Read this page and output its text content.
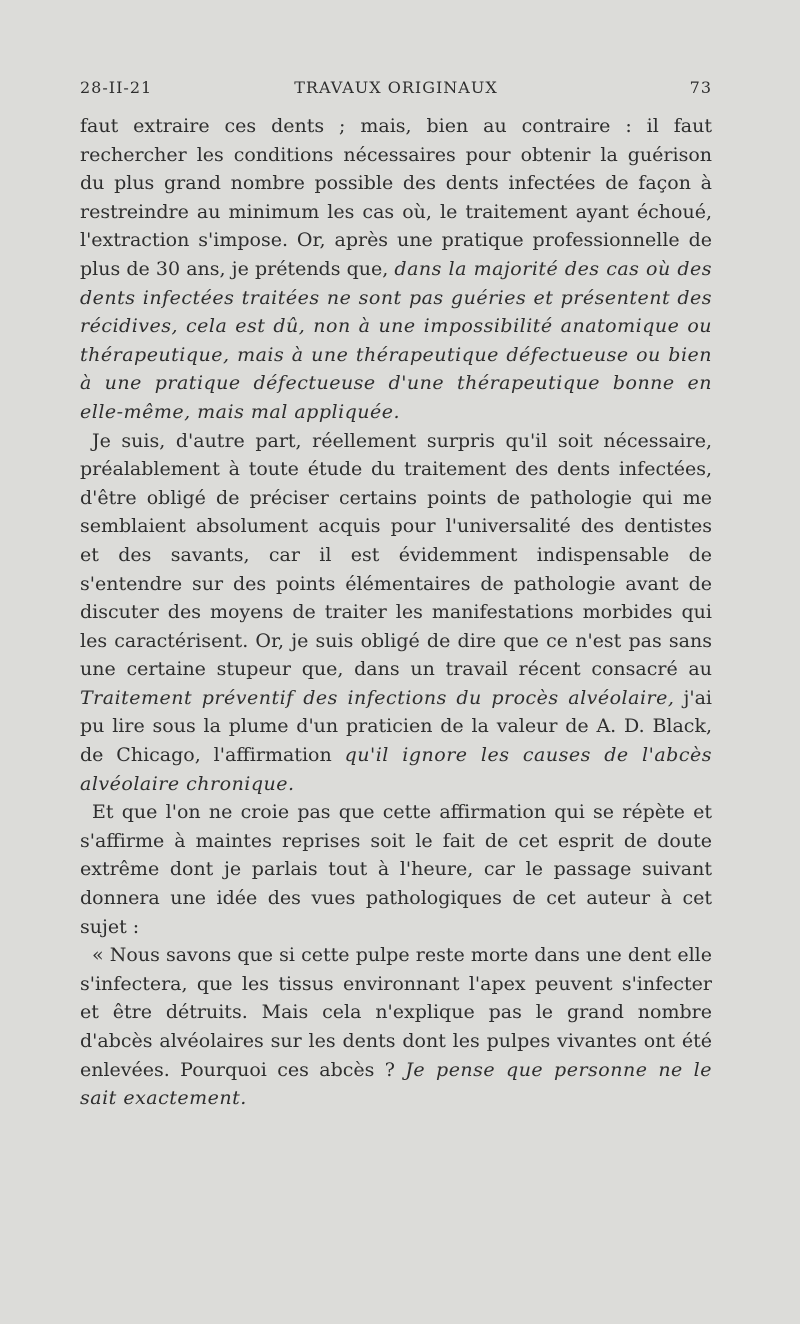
28-II-21	TRAVAUX ORIGINAUX	73

faut extraire ces dents ; mais, bien au contraire : il faut rechercher les conditions nécessaires pour obtenir la guérison du plus grand nombre possible des dents infectées de façon à restreindre au minimum les cas où, le traitement ayant échoué, l'extraction s'impose. Or, après une pratique professionnelle de plus de 30 ans, je prétends que, dans la majorité des cas où des dents infectées traitées ne sont pas guéries et présentent des récidives, cela est dû, non à une impossibilité anatomique ou thérapeutique, mais à une thérapeutique défectueuse ou bien à une pratique défectueuse d'une thérapeutique bonne en elle-même, mais mal appliquée.

Je suis, d'autre part, réellement surpris qu'il soit nécessaire, préalablement à toute étude du traitement des dents infectées, d'être obligé de préciser certains points de pathologie qui me semblaient absolument acquis pour l'universalité des dentistes et des savants, car il est évidemment indispensable de s'entendre sur des points élémentaires de pathologie avant de discuter des moyens de traiter les manifestations morbides qui les caractérisent. Or, je suis obligé de dire que ce n'est pas sans une certaine stupeur que, dans un travail récent consacré au Traitement préventif des infections du procès alvéolaire, j'ai pu lire sous la plume d'un praticien de la valeur de A. D. Black, de Chicago, l'affirmation qu'il ignore les causes de l'abcès alvéolaire chronique.

Et que l'on ne croie pas que cette affirmation qui se répète et s'affirme à maintes reprises soit le fait de cet esprit de doute extrême dont je parlais tout à l'heure, car le passage suivant donnera une idée des vues pathologiques de cet auteur à cet sujet :

« Nous savons que si cette pulpe reste morte dans une dent elle s'infectera, que les tissus environnant l'apex peuvent s'infecter et être détruits. Mais cela n'explique pas le grand nombre d'abcès alvéolaires sur les dents dont les pulpes vivantes ont été enlevées. Pourquoi ces abcès ? Je pense que personne ne le sait exactement.
